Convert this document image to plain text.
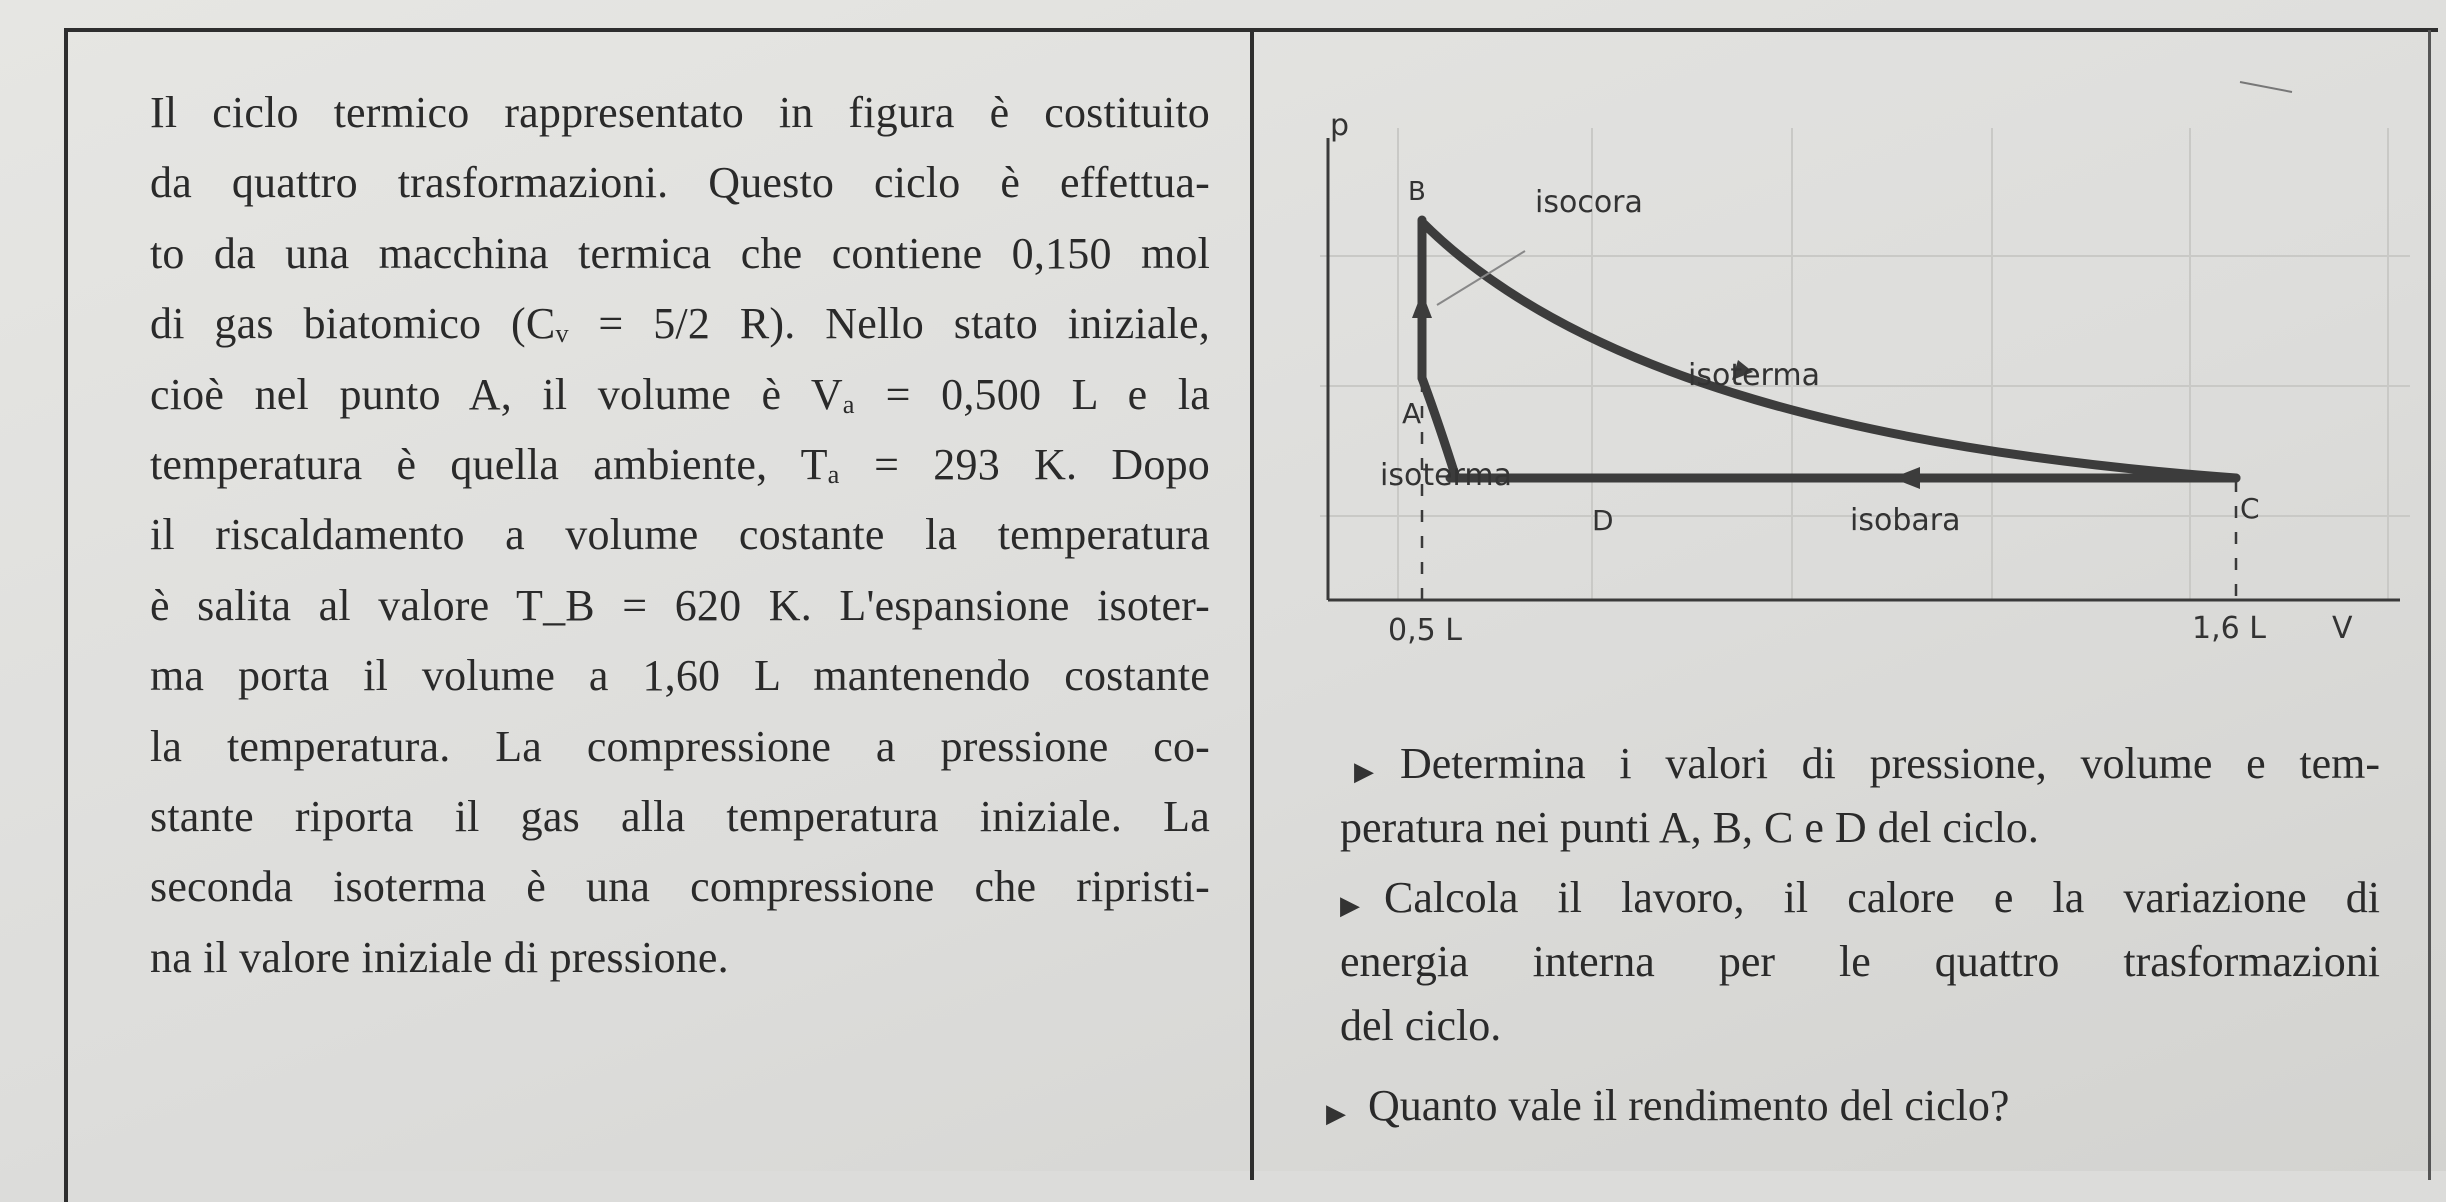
Il ciclo termico rappresentato in figura è costituito
da quattro trasformazioni. Questo ciclo è effettua-
to da una macchina termica che contiene 0,150 mol
di gas biatomico (Cᵥ = 5/2 R). Nello stato iniziale,
cioè nel punto A, il volume è Vₐ = 0,500 L e la
temperatura è quella ambiente, Tₐ = 293 K. Dopo
il riscaldamento a volume costante la temperatura
è salita al valore T_B = 620 K. L'espansione isoter-
ma porta il volume a 1,60 L mantenendo costante
la temperatura. La compressione a pressione co-
stante riporta il gas alla temperatura iniziale. La
seconda isoterma è una compressione che ripristi-
na il valore iniziale di pressione.
p
B	isocora
isoterma
A
isoterma
D	isobara	C
0,5 L	1,6 L V
▶ Determina i valori di pressione, volume e tem-
peratura nei punti A, B, C e D del ciclo.
▶ Calcola il lavoro, il calore e la variazione di
energia interna per le quattro trasformazioni
del ciclo.
▶ Quanto vale il rendimento del ciclo?
